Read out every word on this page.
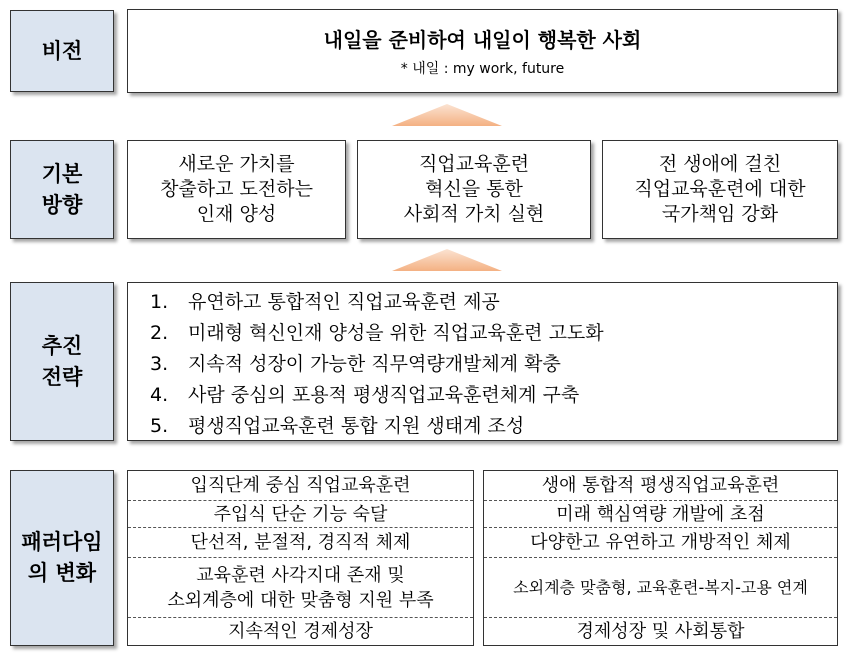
비전	내일을 준비하여 내일이 행복한 사회
* 내일 : my work, future
기본
방향
새로운 가치를
창출하고 도전하는
인재 양성
직업교육훈련
혁신을 통한
사회적 가치 실현
전 생애에 걸친
직업교육훈련에 대한
국가책임 강화
추진
전략
1. 유연하고 통합적인 직업교육훈련 제공
2. 미래형 혁신인재 양성을 위한 직업교육훈련 고도화
3. 지속적 성장이 가능한 직무역량개발체계 확충
4. 사람 중심의 포용적 평생직업교육훈련체계 구축
5. 평생직업교육훈련 통합 지원 생태계 조성
패러다임
의 변화
입직단계 중심 직업교육훈련
주입식 단순 기능 숙달
단선적, 분절적, 경직적 체제
교육훈련 사각지대 존재 및
소외계층에 대한 맞춤형 지원 부족
지속적인 경제성장
생애 통합적 평생직업교육훈련
미래 핵심역량 개발에 초점
다양한고 유연하고 개방적인 체제
소외계층 맞춤형, 교육훈련-복지-고용 연계
경제성장 및 사회통합
